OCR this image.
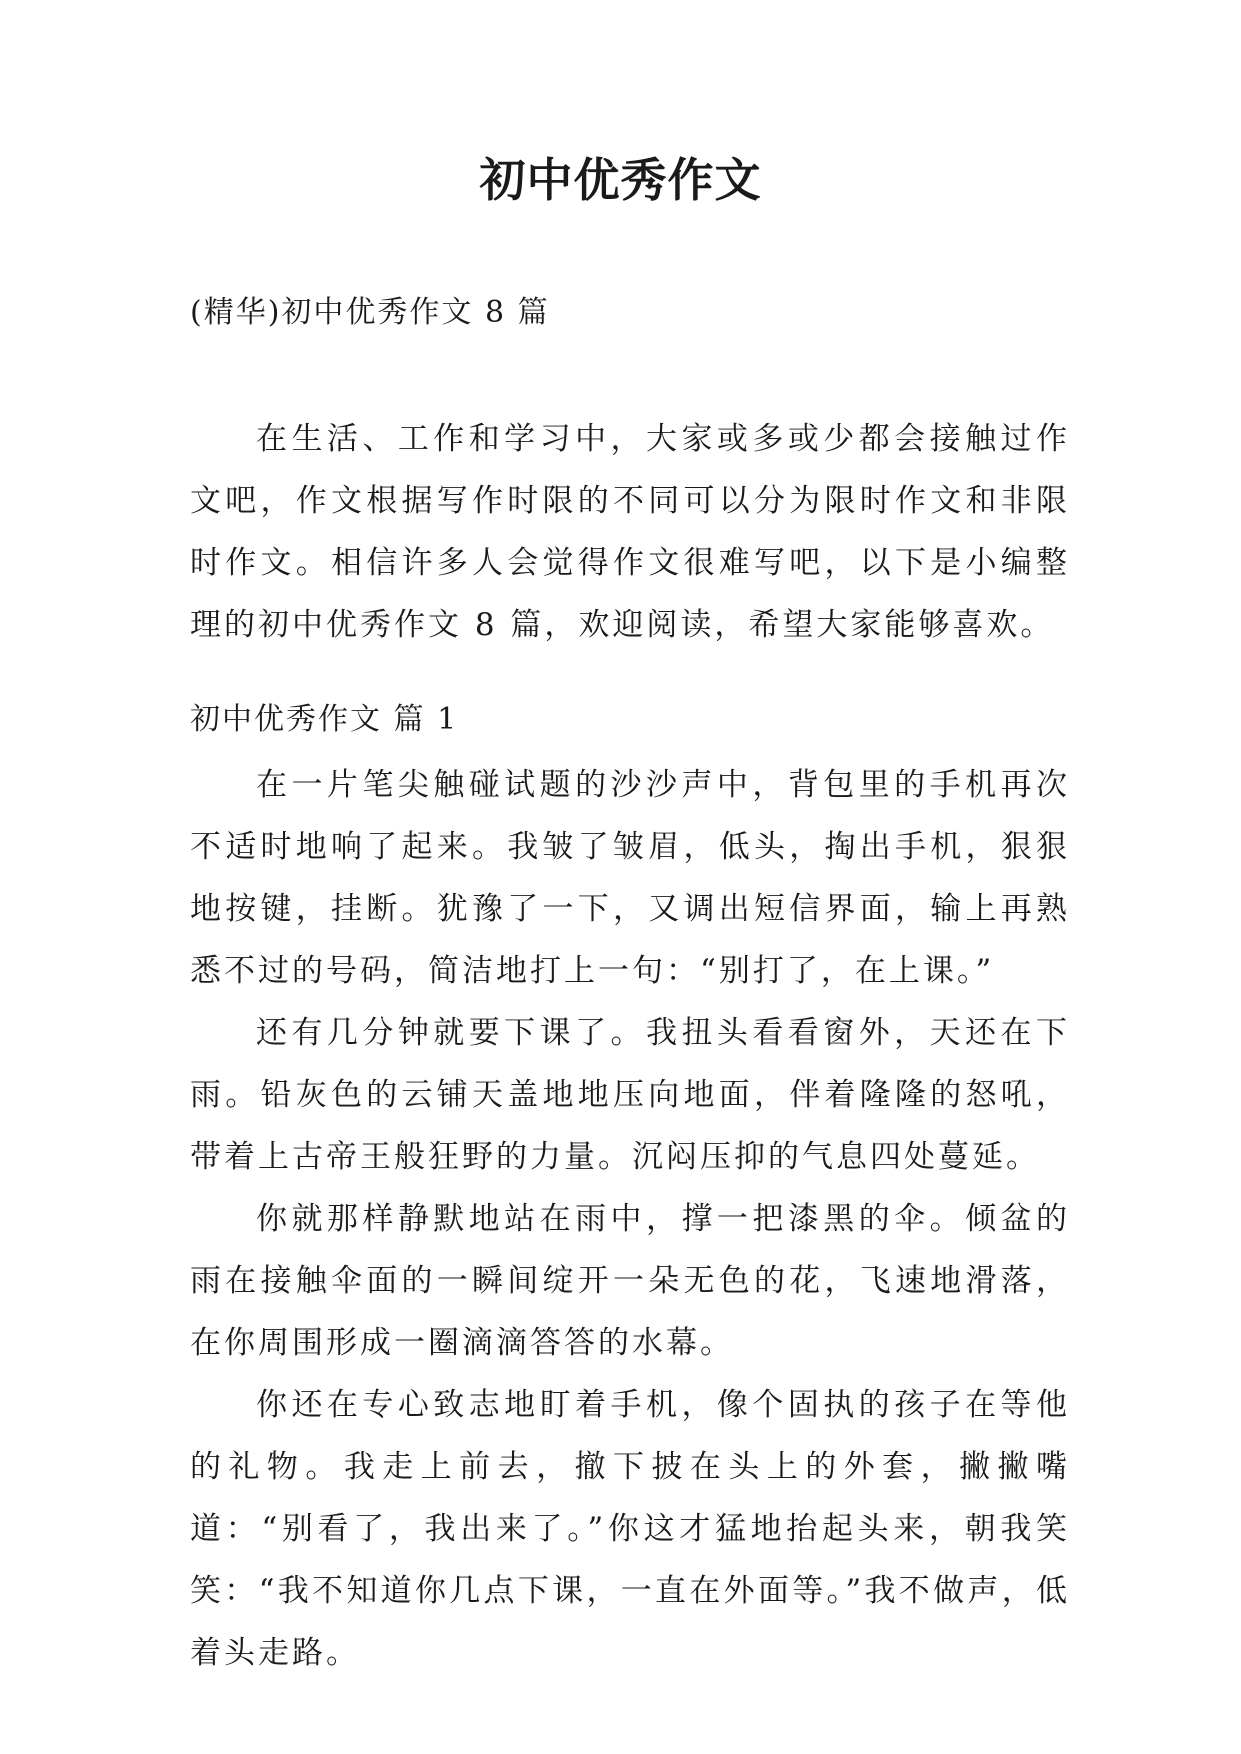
初中优秀作文

(精华)初中优秀作文 8 篇

在生活、工作和学习中，大家或多或少都会接触过作文吧，作文根据写作时限的不同可以分为限时作文和非限时作文。相信许多人会觉得作文很难写吧，以下是小编整理的初中优秀作文 8 篇，欢迎阅读，希望大家能够喜欢。

初中优秀作文 篇 1

在一片笔尖触碰试题的沙沙声中，背包里的手机再次不适时地响了起来。我皱了皱眉，低头，掏出手机，狠狠地按键，挂断。犹豫了一下，又调出短信界面，输上再熟悉不过的号码，简洁地打上一句：“别打了，在上课。”

还有几分钟就要下课了。我扭头看看窗外，天还在下雨。铅灰色的云铺天盖地地压向地面，伴着隆隆的怒吼，带着上古帝王般狂野的力量。沉闷压抑的气息四处蔓延。

你就那样静默地站在雨中，撑一把漆黑的伞。倾盆的雨在接触伞面的一瞬间绽开一朵无色的花，飞速地滑落，在你周围形成一圈滴滴答答的水幕。

你还在专心致志地盯着手机，像个固执的孩子在等他的礼物。我走上前去，撤下披在头上的外套，撇撇嘴道：“别看了，我出来了。”你这才猛地抬起头来，朝我笑笑：“我不知道你几点下课，一直在外面等。”我不做声，低着头走路。
